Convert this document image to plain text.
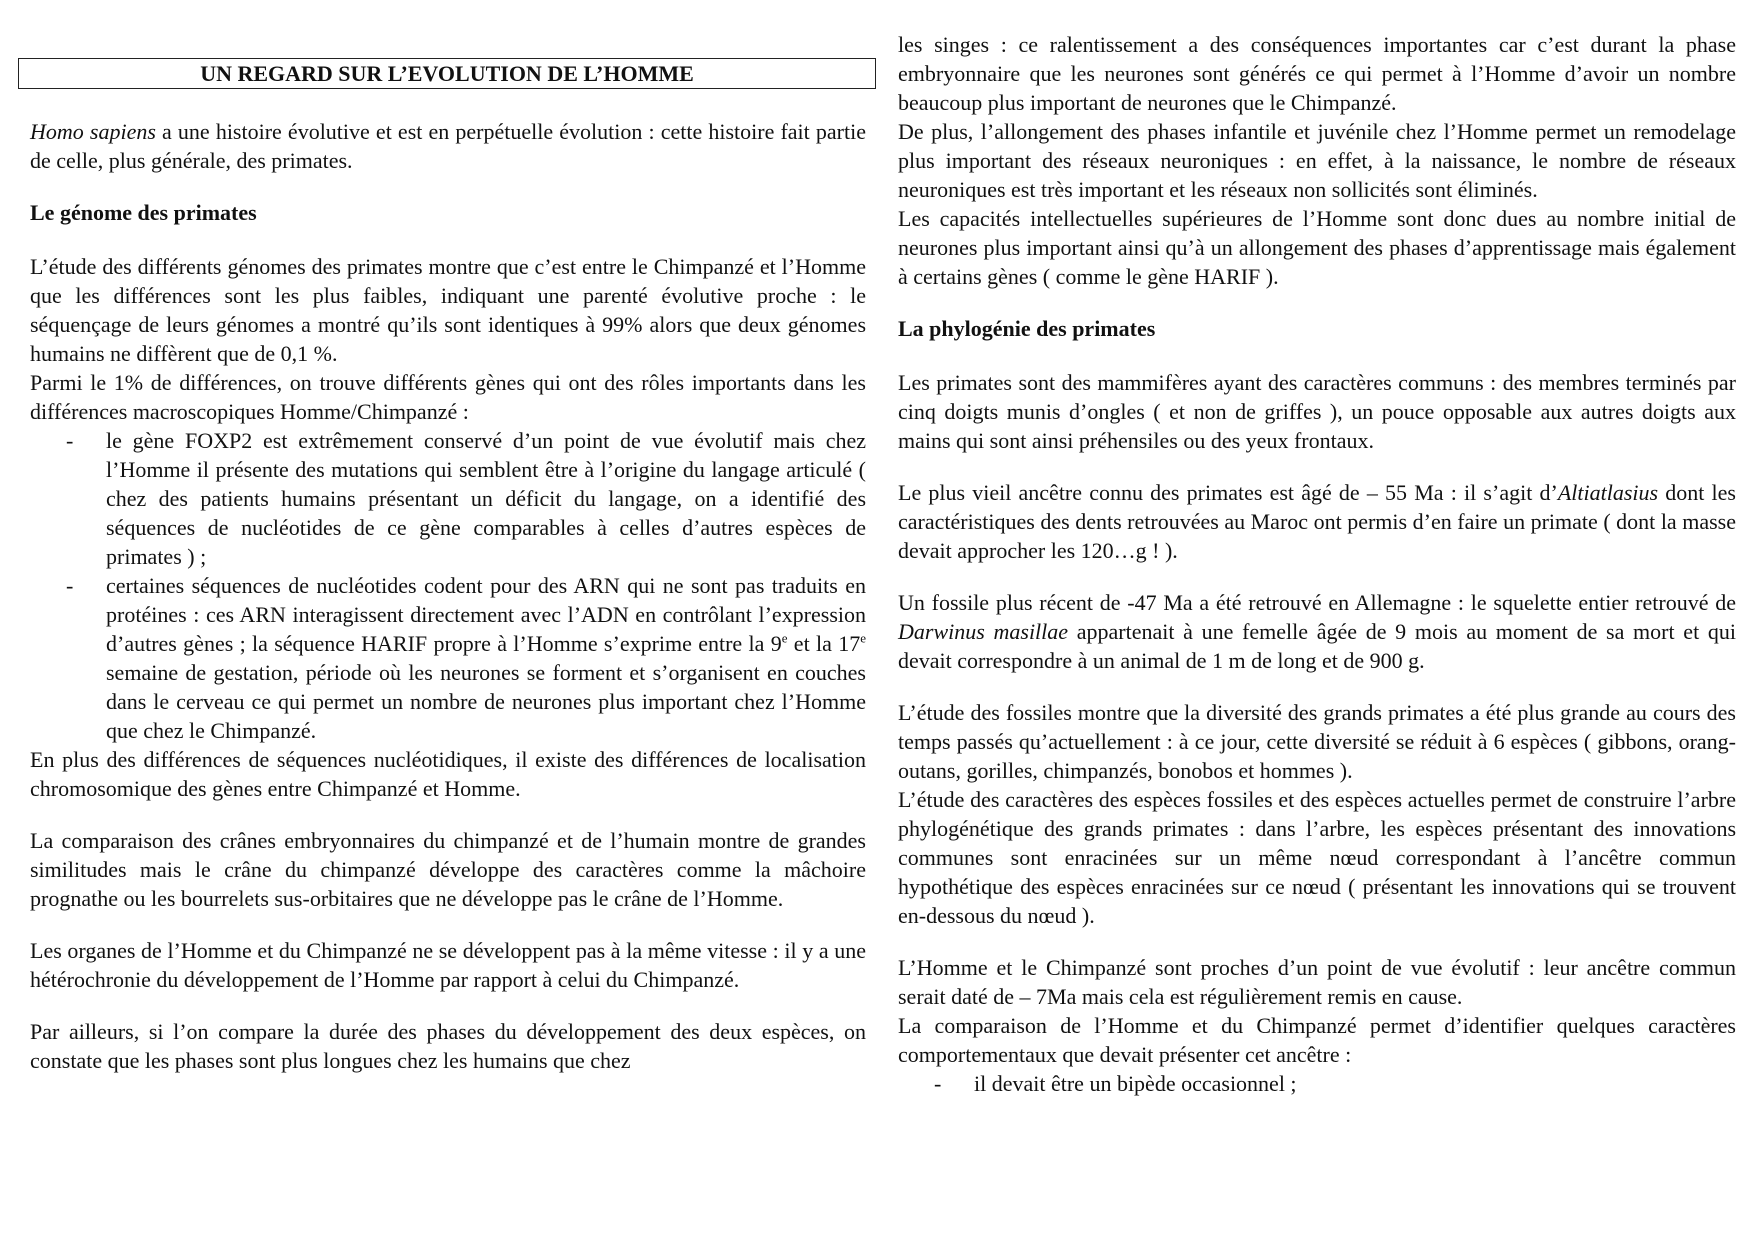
UN REGARD SUR L’EVOLUTION DE L’HOMME

Homo sapiens a une histoire évolutive et est en perpétuelle évolution : cette histoire fait partie de celle, plus générale, des primates.

Le génome des primates

L’étude des différents génomes des primates montre que c’est entre le Chimpanzé et l’Homme que les différences sont les plus faibles, indiquant une parenté évolutive proche : le séquençage de leurs génomes a montré qu’ils sont identiques à 99% alors que deux génomes humains ne diffèrent que de 0,1 %.

Parmi le 1% de différences, on trouve différents gènes qui ont des rôles importants dans les différences macroscopiques Homme/Chimpanzé :

- le gène FOXP2 est extrêmement conservé d’un point de vue évolutif mais chez l’Homme il présente des mutations qui semblent être à l’origine du langage articulé ( chez des patients humains présentant un déficit du langage, on a identifié des séquences de nucléotides de ce gène comparables à celles d’autres espèces de primates ) ;
- certaines séquences de nucléotides codent pour des ARN qui ne sont pas traduits en protéines : ces ARN interagissent directement avec l’ADN en contrôlant l’expression d’autres gènes ; la séquence HARIF propre à l’Homme s’exprime entre la 9e et la 17e semaine de gestation, période où les neurones se forment et s’organisent en couches dans le cerveau ce qui permet un nombre de neurones plus important chez l’Homme que chez le Chimpanzé.

En plus des différences de séquences nucléotidiques, il existe des différences de localisation chromosomique des gènes entre Chimpanzé et Homme.

La comparaison des crânes embryonnaires du chimpanzé et de l’humain montre de grandes similitudes mais le crâne du chimpanzé développe des caractères comme la mâchoire prognathe ou les bourrelets sus-orbitaires que ne développe pas le crâne de l’Homme.

Les organes de l’Homme et du Chimpanzé ne se développent pas à la même vitesse : il y a une hétérochronie du développement de l’Homme par rapport à celui du Chimpanzé.

Par ailleurs, si l’on compare la durée des phases du développement des deux espèces, on constate que les phases sont plus longues chez les humains que chez

les singes : ce ralentissement a des conséquences importantes car c’est durant la phase embryonnaire que les neurones sont générés ce qui permet à l’Homme d’avoir un nombre beaucoup plus important de neurones que le Chimpanzé.

De plus, l’allongement des phases infantile et juvénile chez l’Homme permet un remodelage plus important des réseaux neuroniques : en effet, à la naissance, le nombre de réseaux neuroniques est très important et les réseaux non sollicités sont éliminés.

Les capacités intellectuelles supérieures de l’Homme sont donc dues au nombre initial de neurones plus important ainsi qu’à un allongement des phases d’apprentissage mais également à certains gènes ( comme le gène HARIF ).

La phylogénie des primates

Les primates sont des mammifères ayant des caractères communs : des membres terminés par cinq doigts munis d’ongles ( et non de griffes ), un pouce opposable aux autres doigts aux mains qui sont ainsi préhensiles ou des yeux frontaux.

Le plus vieil ancêtre connu des primates est âgé de – 55 Ma : il s’agit d’Altiatlasius dont les caractéristiques des dents retrouvées au Maroc ont permis d’en faire un primate ( dont la masse devait approcher les 120…g ! ).

Un fossile plus récent de -47 Ma a été retrouvé en Allemagne : le squelette entier retrouvé de Darwinus masillae appartenait à une femelle âgée de 9 mois au moment de sa mort et qui devait correspondre à un animal de 1 m de long et de 900 g.

L’étude des fossiles montre que la diversité des grands primates a été plus grande au cours des temps passés qu’actuellement : à ce jour, cette diversité se réduit à 6 espèces ( gibbons, orang-outans, gorilles, chimpanzés, bonobos et hommes ).

L’étude des caractères des espèces fossiles et des espèces actuelles permet de construire l’arbre phylogénétique des grands primates : dans l’arbre, les espèces présentant des innovations communes sont enracinées sur un même nœud correspondant à l’ancêtre commun hypothétique des espèces enracinées sur ce nœud ( présentant les innovations qui se trouvent en-dessous du nœud ).

L’Homme et le Chimpanzé sont proches d’un point de vue évolutif : leur ancêtre commun serait daté de – 7Ma mais cela est régulièrement remis en cause.

La comparaison de l’Homme et du Chimpanzé permet d’identifier quelques caractères comportementaux que devait présenter cet ancêtre :

- il devait être un bipède occasionnel ;
